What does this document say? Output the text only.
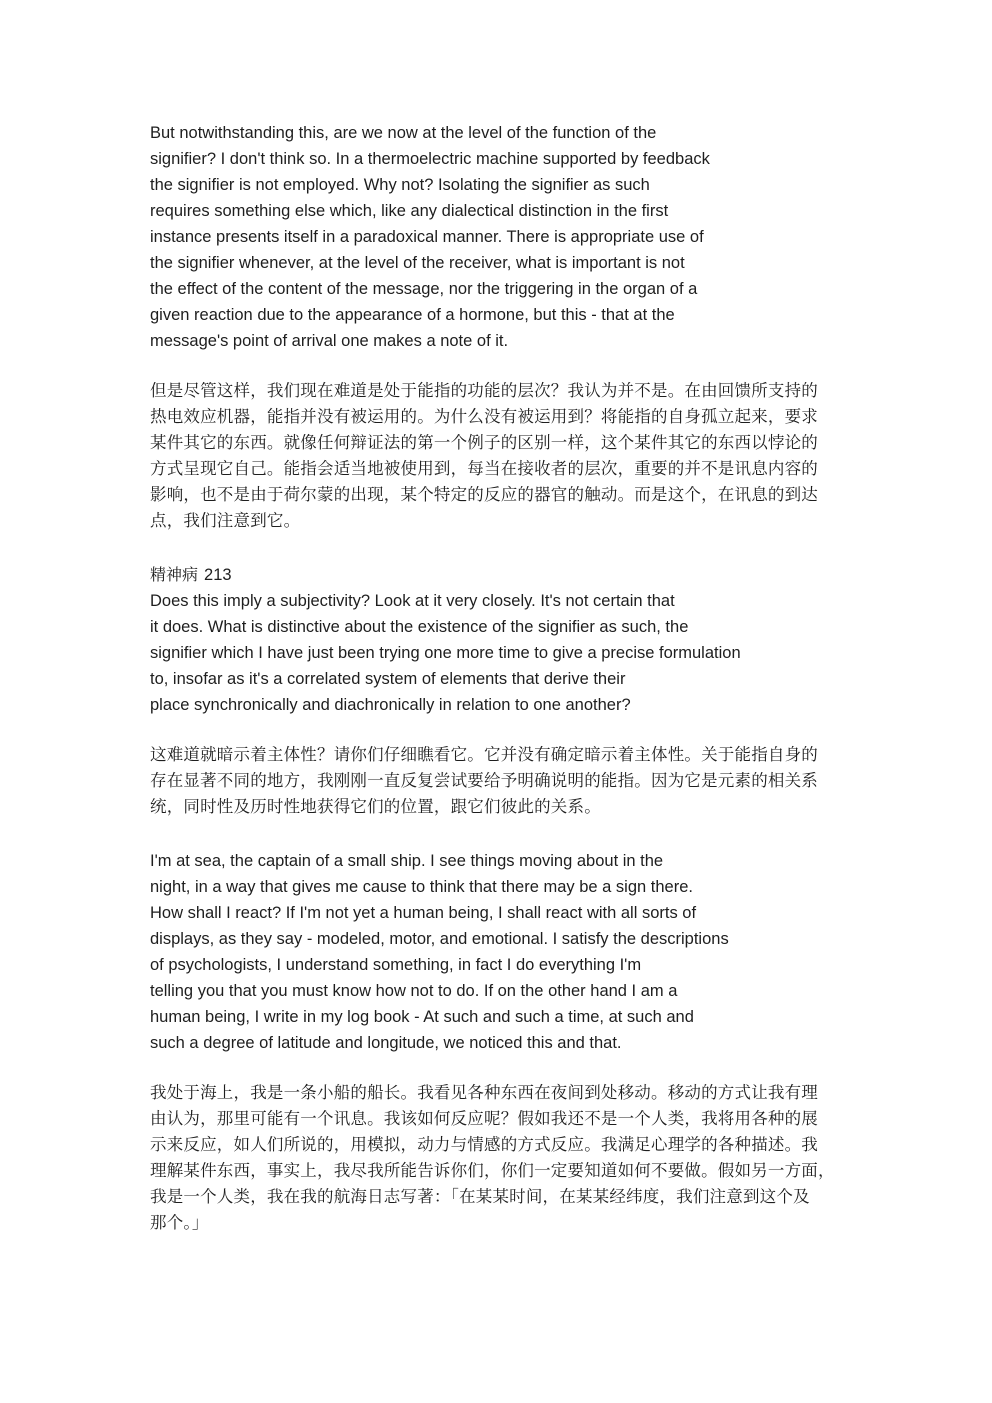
But notwithstanding this, are we now at the level of the function of the
signifier? I don't think so. In a thermoelectric machine supported by feedback
the signifier is not employed. Why not? Isolating the signifier as such
requires something else which, like any dialectical distinction in the first
instance presents itself in a paradoxical manner. There is appropriate use of
the signifier whenever, at the level of the receiver, what is important is not
the effect of the content of the message, nor the triggering in the organ of a
given reaction due to the appearance of a hormone, but this - that at the
message's point of arrival one makes a note of it.
但是尽管这样，我们现在难道是处于能指的功能的层次？我认为并不是。在由回馈所支持的
热电效应机器，能指并没有被运用的。为什么没有被运用到？将能指的自身孤立起来，要求
某件其它的东西。就像任何辩证法的第一个例子的区别一样，这个某件其它的东西以悖论的
方式呈现它自己。能指会适当地被使用到，每当在接收者的层次，重要的并不是讯息内容的
影响，也不是由于荷尔蒙的出现，某个特定的反应的器官的触动。而是这个，在讯息的到达
点，我们注意到它。
精神病 213
Does this imply a subjectivity? Look at it very closely. It's not certain that
it does. What is distinctive about the existence of the signifier as such, the
signifier which I have just been trying one more time to give a precise formulation
to, insofar as it's a correlated system of elements that derive their
place synchronically and diachronically in relation to one another?
这难道就暗示着主体性？请你们仔细瞧看它。它并没有确定暗示着主体性。关于能指自身的
存在显著不同的地方，我刚刚一直反复尝试要给予明确说明的能指。因为它是元素的相关系
统，同时性及历时性地获得它们的位置，跟它们彼此的关系。
I'm at sea, the captain of a small ship. I see things moving about in the
night, in a way that gives me cause to think that there may be a sign there.
How shall I react? If I'm not yet a human being, I shall react with all sorts of
displays, as they say - modeled, motor, and emotional. I satisfy the descriptions
of psychologists, I understand something, in fact I do everything I'm
telling you that you must know how not to do. If on the other hand I am a
human being, I write in my log book - At such and such a time, at such and
such a degree of latitude and longitude, we noticed this and that.
我处于海上，我是一条小船的船长。我看见各种东西在夜间到处移动。移动的方式让我有理
由认为，那里可能有一个讯息。我该如何反应呢？假如我还不是一个人类，我将用各种的展
示来反应，如人们所说的，用模拟，动力与情感的方式反应。我满足心理学的各种描述。我
理解某件东西，事实上，我尽我所能告诉你们，你们一定要知道如何不要做。假如另一方面，
我是一个人类，我在我的航海日志写著：「在某某时间，在某某经纬度，我们注意到这个及
那个。」
